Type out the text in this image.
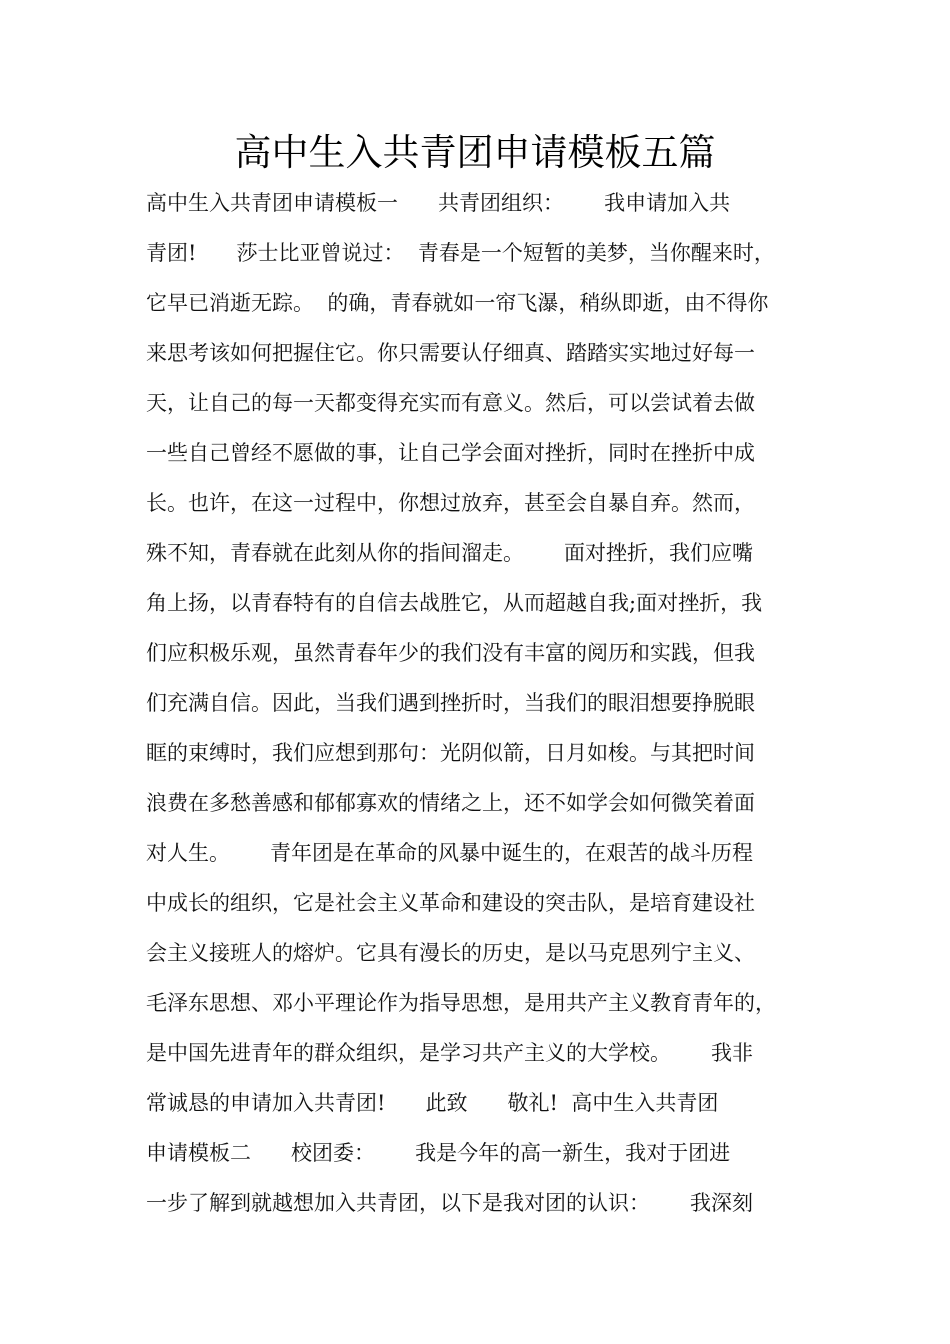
高中生入共青团申请模板五篇
高中生入共青团申请模板一      共青团组织：      我申请加入共
青团!      莎士比亚曾说过：  青春是一个短暂的美梦，当你醒来时，
它早已消逝无踪。  的确，青春就如一帘飞瀑，稍纵即逝，由不得你
来思考该如何把握住它。你只需要认仔细真、踏踏实实地过好每一
天，让自己的每一天都变得充实而有意义。然后，可以尝试着去做
一些自己曾经不愿做的事，让自己学会面对挫折，同时在挫折中成
长。也许，在这一过程中，你想过放弃，甚至会自暴自弃。然而，
殊不知，青春就在此刻从你的指间溜走。      面对挫折，我们应嘴
角上扬，以青春特有的自信去战胜它，从而超越自我;面对挫折，我
们应积极乐观，虽然青春年少的我们没有丰富的阅历和实践，但我
们充满自信。因此，当我们遇到挫折时，当我们的眼泪想要挣脱眼
眶的束缚时，我们应想到那句：光阴似箭，日月如梭。与其把时间
浪费在多愁善感和郁郁寡欢的情绪之上，还不如学会如何微笑着面
对人生。      青年团是在革命的风暴中诞生的，在艰苦的战斗历程
中成长的组织，它是社会主义革命和建设的突击队，是培育建设社
会主义接班人的熔炉。它具有漫长的历史，是以马克思列宁主义、
毛泽东思想、邓小平理论作为指导思想，是用共产主义教育青年的，
是中国先进青年的群众组织，是学习共产主义的大学校。      我非
常诚恳的申请加入共青团!      此致      敬礼!  高中生入共青团
申请模板二      校团委：      我是今年的高一新生，我对于团进
一步了解到就越想加入共青团，以下是我对团的认识：      我深刻
